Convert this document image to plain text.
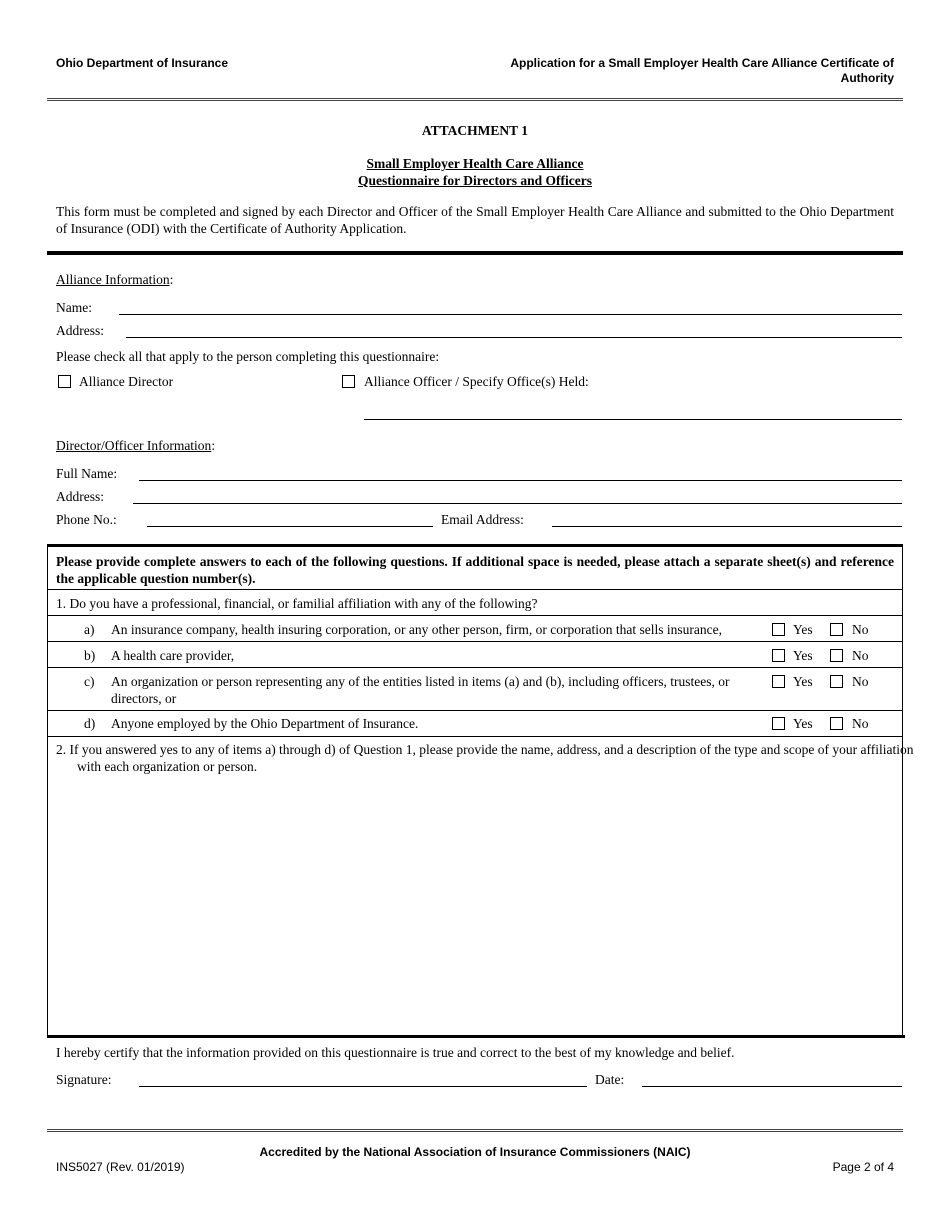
Ohio Department of Insurance	Application for a Small Employer Health Care Alliance Certificate of
Authority
ATTACHMENT 1
Small Employer Health Care Alliance
Questionnaire for Directors and Officers
This form must be completed and signed by each Director and Officer of the Small Employer Health Care Alliance and submitted to the Ohio Department of Insurance (ODI) with the Certificate of Authority Application.
Alliance Information:
Name:
Address:
Please check all that apply to the person completing this questionnaire:
Alliance Director	Alliance Officer / Specify Office(s) Held:
Director/Officer Information:
Full Name:
Address:
Phone No.:	Email Address:
Please provide complete answers to each of the following questions. If additional space is needed, please attach a separate sheet(s) and reference the applicable question number(s).
1. Do you have a professional, financial, or familial affiliation with any of the following?
a) An insurance company, health insuring corporation, or any other person, firm, or corporation that sells insurance,	Yes	No
b) A health care provider,	Yes	No
c) An organization or person representing any of the entities listed in items (a) and (b), including officers, trustees, or directors, or
Yes	No
d) Anyone employed by the Ohio Department of Insurance.	Yes	No
2. If you answered yes to any of items a) through d) of Question 1, please provide the name, address, and a description of the type and scope of your affiliation with each organization or person.
I hereby certify that the information provided on this questionnaire is true and correct to the best of my knowledge and belief.
Signature:	Date:
Accredited by the National Association of Insurance Commissioners (NAIC)
INS5027 (Rev. 01/2019)	Page 2 of 4
